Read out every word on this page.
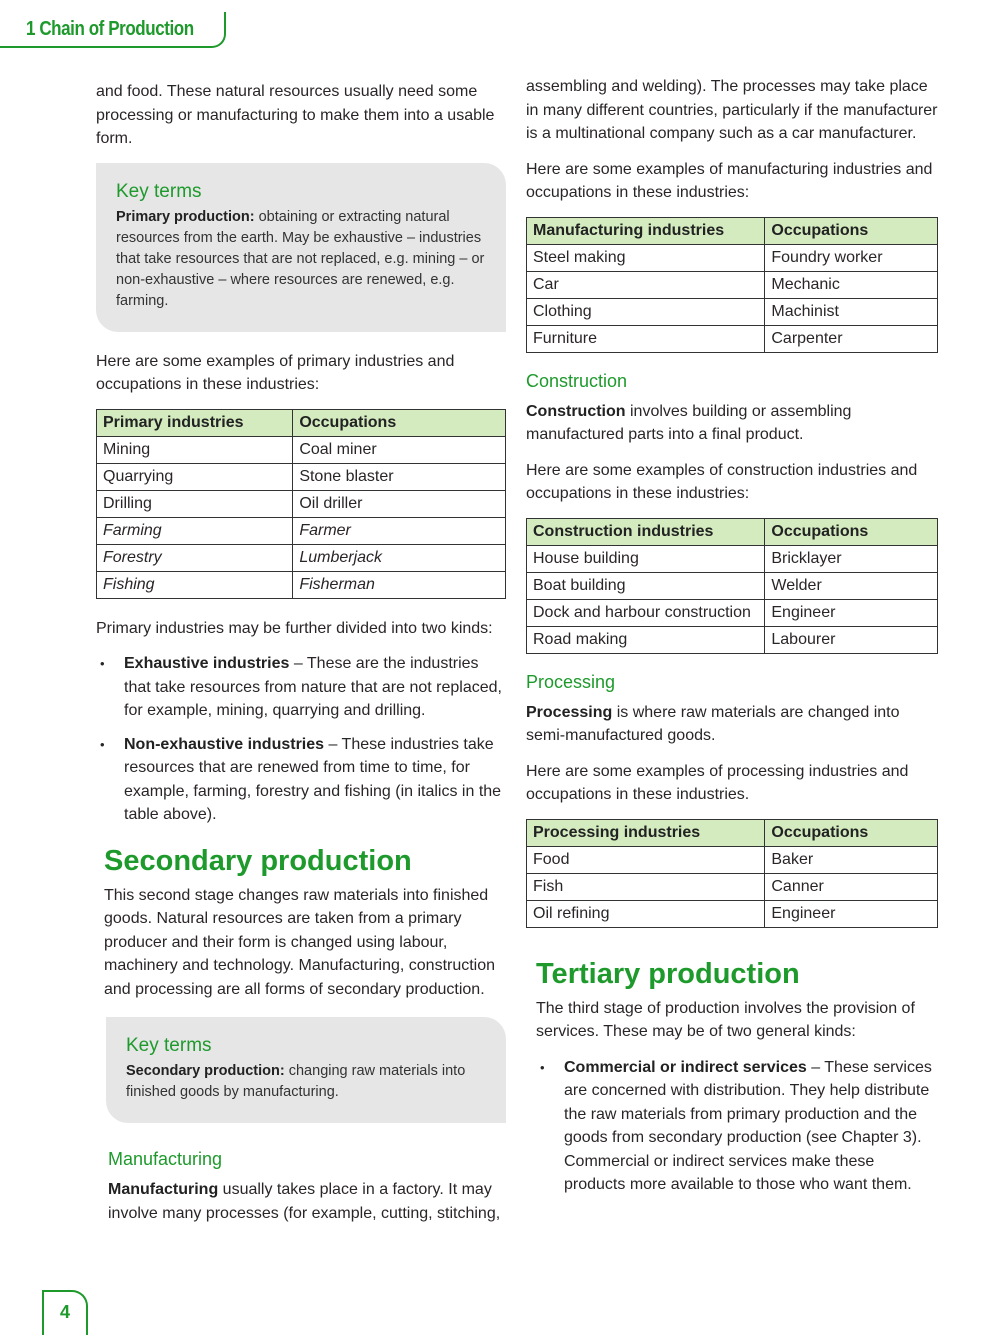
1 Chain of Production

and food. These natural resources usually need some processing or manufacturing to make them into a usable form.

Key terms

Primary production: obtaining or extracting natural resources from the earth. May be exhaustive – industries that take resources that are not replaced, e.g. mining – or non-exhaustive – where resources are renewed, e.g. farming.

Here are some examples of primary industries and occupations in these industries:

Primary industries	Occupations
Mining	Coal miner
Quarrying	Stone blaster
Drilling	Oil driller
Farming	Farmer
Forestry	Lumberjack
Fishing	Fisherman

Primary industries may be further divided into two kinds:

• Exhaustive industries – These are the industries that take resources from nature that are not replaced, for example, mining, quarrying and drilling.
• Non-exhaustive industries – These industries take resources that are renewed from time to time, for example, farming, forestry and fishing (in italics in the table above).
Secondary production

This second stage changes raw materials into finished goods. Natural resources are taken from a primary producer and their form is changed using labour, machinery and technology. Manufacturing, construction and processing are all forms of secondary production.

Key terms

Secondary production: changing raw materials into finished goods by manufacturing.

Manufacturing

Manufacturing usually takes place in a factory. It may involve many processes (for example, cutting, stitching,

assembling and welding). The processes may take place in many different countries, particularly if the manufacturer is a multinational company such as a car manufacturer.

Here are some examples of manufacturing industries and occupations in these industries:

Manufacturing industries	Occupations
Steel making	Foundry worker
Car	Mechanic
Clothing	Machinist
Furniture	Carpenter
Construction

Construction involves building or assembling manufactured parts into a final product.

Here are some examples of construction industries and occupations in these industries:

Construction industries	Occupations
House building	Bricklayer
Boat building	Welder
Dock and harbour construction	Engineer
Road making	Labourer
Processing

Processing is where raw materials are changed into semi-manufactured goods.

Here are some examples of processing industries and occupations in these industries.

Processing industries	Occupations
Food	Baker
Fish	Canner
Oil refining	Engineer
Tertiary production

The third stage of production involves the provision of services. These may be of two general kinds:

• Commercial or indirect services – These services are concerned with distribution. They help distribute the raw materials from primary production and the goods from secondary production (see Chapter 3). Commercial or indirect services make these products more available to those who want them.
4
